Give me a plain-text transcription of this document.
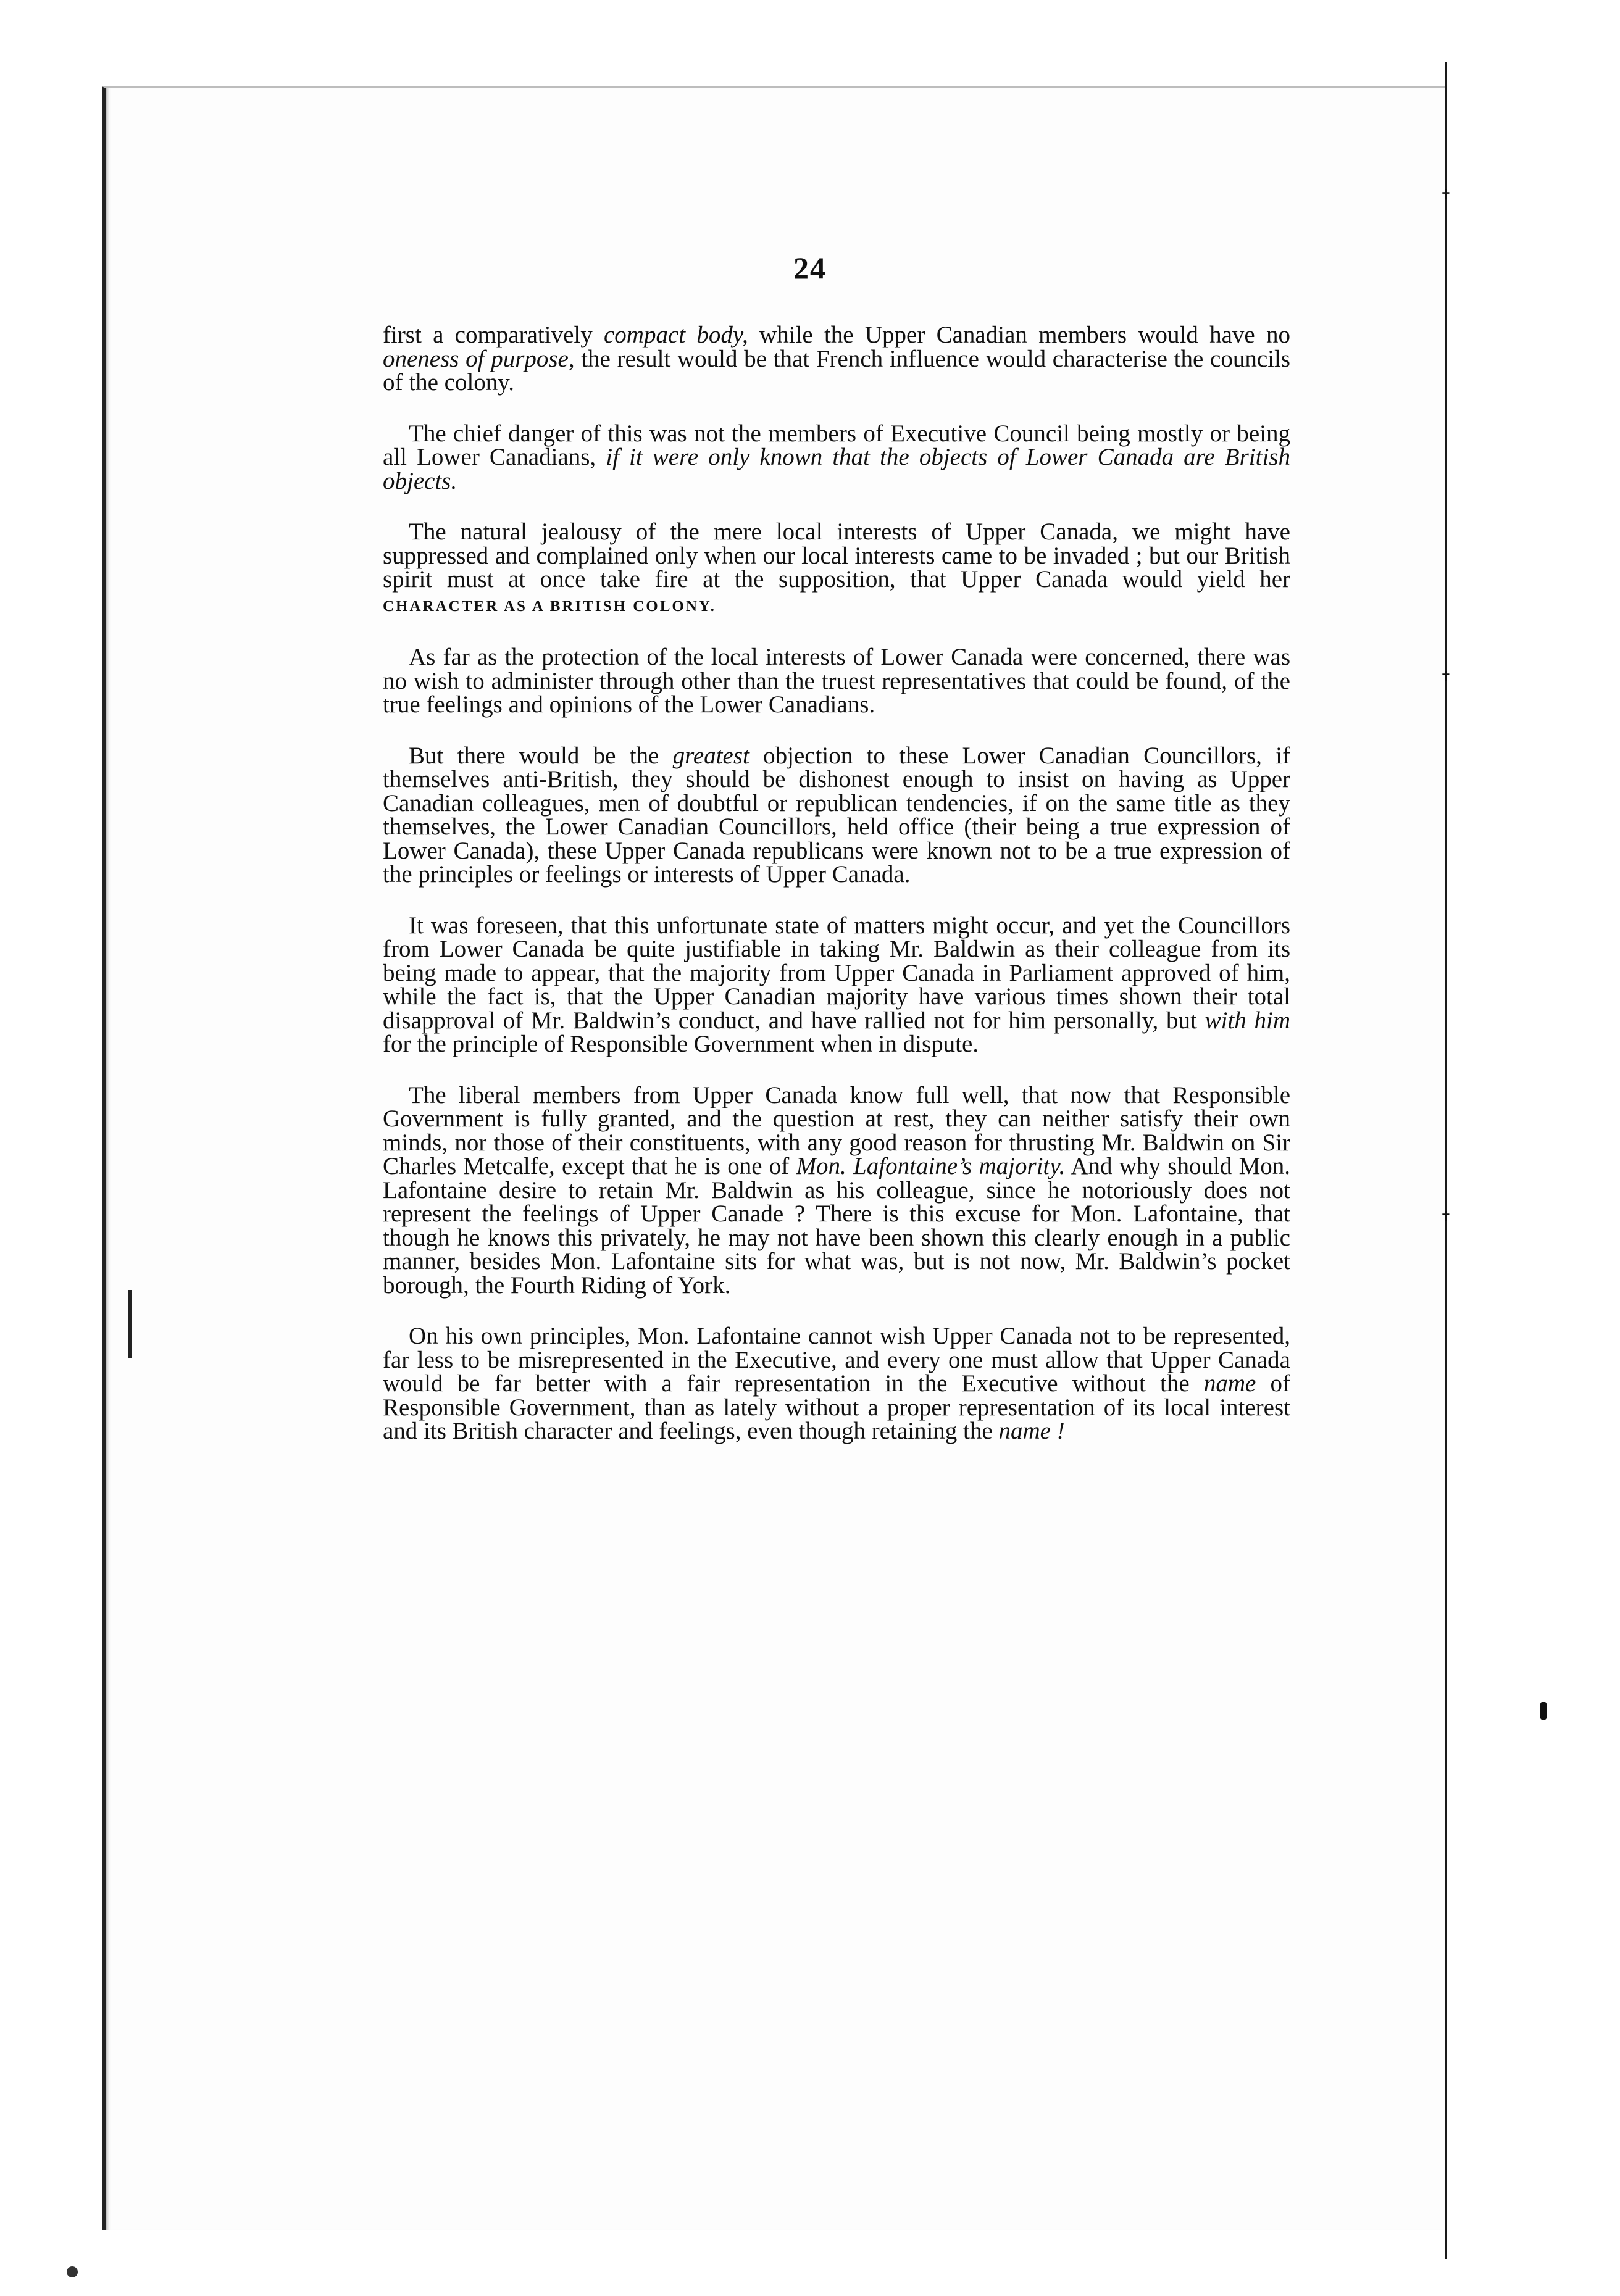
✝
✝
✝
24

first a comparatively compact body, while the Upper Canadian members would have no oneness of purpose, the result would be that French influence would characterise the councils of the colony.

The chief danger of this was not the members of Executive Council being mostly or being all Lower Canadians, if it were only known that the objects of Lower Canada are British objects.

The natural jealousy of the mere local interests of Upper Canada, we might have suppressed and complained only when our local interests came to be invaded ; but our British spirit must at once take fire at the supposition, that Upper Canada would yield her CHARACTER AS A BRITISH COLONY.

As far as the protection of the local interests of Lower Canada were concerned, there was no wish to administer through other than the truest representatives that could be found, of the true feelings and opinions of the Lower Canadians.

But there would be the greatest objection to these Lower Canadian Councillors, if themselves anti-British, they should be dishonest enough to insist on having as Upper Canadian colleagues, men of doubtful or republican tendencies, if on the same title as they themselves, the Lower Canadian Councillors, held office (their being a true expression of Lower Canada), these Upper Canada republicans were known not to be a true expression of the principles or feelings or interests of Upper Canada.

It was foreseen, that this unfortunate state of matters might occur, and yet the Councillors from Lower Canada be quite justifiable in taking Mr. Baldwin as their colleague from its being made to appear, that the majority from Upper Canada in Parliament approved of him, while the fact is, that the Upper Canadian majority have various times shown their total disapproval of Mr. Baldwin’s conduct, and have rallied not for him personally, but with him for the principle of Responsible Government when in dispute.

The liberal members from Upper Canada know full well, that now that Responsible Government is fully granted, and the question at rest, they can neither satisfy their own minds, nor those of their constituents, with any good reason for thrusting Mr. Baldwin on Sir Charles Metcalfe, except that he is one of Mon. Lafontaine’s majority. And why should Mon. Lafontaine desire to retain Mr. Baldwin as his colleague, since he notoriously does not represent the feelings of Upper Canade ? There is this excuse for Mon. Lafontaine, that though he knows this privately, he may not have been shown this clearly enough in a public manner, besides Mon. Lafontaine sits for what was, but is not now, Mr. Baldwin’s pocket borough, the Fourth Riding of York.

On his own principles, Mon. Lafontaine cannot wish Upper Canada not to be represented, far less to be misrepresented in the Executive, and every one must allow that Upper Canada would be far better with a fair representation in the Executive without the name of Responsible Government, than as lately without a proper representation of its local interest and its British character and feelings, even though retaining the name !
